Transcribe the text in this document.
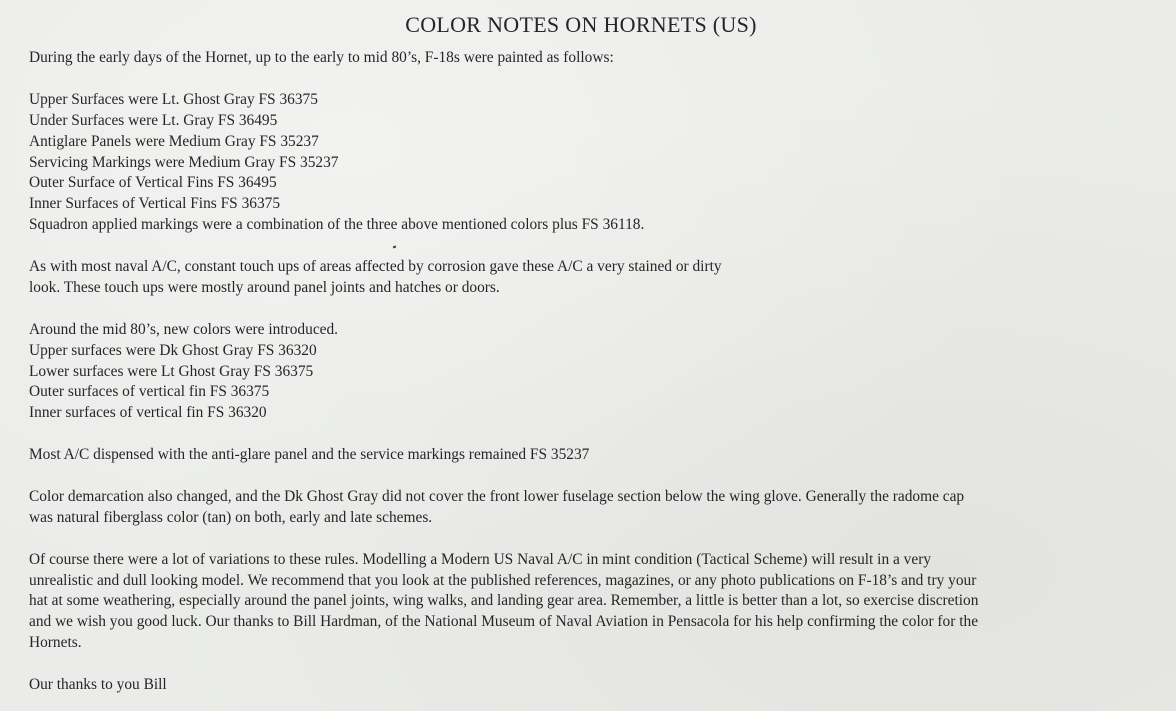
COLOR NOTES ON HORNETS (US)
During the early days of the Hornet, up to the early to mid 80’s, F-18s were painted as follows:
Upper Surfaces were Lt. Ghost Gray FS 36375
Under Surfaces were Lt. Gray FS 36495
Antiglare Panels were Medium Gray FS 35237
Servicing Markings were Medium Gray FS 35237
Outer Surface of Vertical Fins FS 36495
Inner Surfaces of Vertical Fins FS 36375
Squadron applied markings were a combination of the three above mentioned colors plus FS 36118.
As with most naval A/C, constant touch ups of areas affected by corrosion gave these A/C a very stained or dirty
look. These touch ups were mostly around panel joints and hatches or doors.
Around the mid 80’s, new colors were introduced.
Upper surfaces were Dk Ghost Gray FS 36320
Lower surfaces were Lt Ghost Gray FS 36375
Outer surfaces of vertical fin FS 36375
Inner surfaces of vertical fin FS 36320
Most A/C dispensed with the anti-glare panel and the service markings remained FS 35237
Color demarcation also changed, and the Dk Ghost Gray did not cover the front lower fuselage section below the wing glove. Generally the radome cap
was natural fiberglass color (tan) on both, early and late schemes.
Of course there were a lot of variations to these rules. Modelling a Modern US Naval A/C in mint condition (Tactical Scheme) will result in a very
unrealistic and dull looking model. We recommend that you look at the published references, magazines, or any photo publications on F-18’s and try your
hat at some weathering, especially around the panel joints, wing walks, and landing gear area. Remember, a little is better than a lot, so exercise discretion
and we wish you good luck. Our thanks to Bill Hardman, of the National Museum of Naval Aviation in Pensacola for his help confirming the color for the
Hornets.
Our thanks to you Bill
